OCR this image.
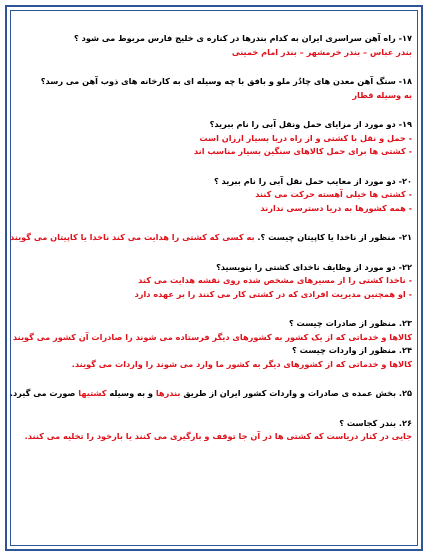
۱۷- راه آهن سراسری ایران به کدام بندرها در کناره ی خلیج فارس مربوط می شود ؟

بندر عباس – بندر خرمشهر – بندر امام خمینی

۱۸- سنگ آهن معدن های چادُر ملو و بافق با چه وسیله ای به کارخانه های ذوب آهن می رسد؟

به وسیله قطار

۱۹- دو مورد از مزایای حمل ونقل آبی را نام ببرید؟

- حمل و نقل با کشتی و از راه دریا بسیار ارزان است

- کشتی ها برای حمل کالاهای سنگین بسیار مناسب اند

۲۰- دو مورد از معایب حمل نقل آبی را نام ببرید ؟

- کشتی ها خیلی آهسته حرکت می کنند

- همه کشورها به دریا دسترسی ندارند

۲۱- منظور از ناخدا یا کاپیتان چیست ؟. به کسی که کشتی را هدایت می کند ناخدا یا کاپیتان می گویند

۲۲- دو مورد از وظایف ناخدای کشتی را بنویسید؟

- ناخدا کشتی را از مسیرهای مشخص شده روی نقشه هدایت می کند

- او همچنین مدیریت افرادی که در کشتی کار می کنند را بر عهده دارد

۲۳. منظور از صادرات چیست ؟

کالاها و خدماتی که از یک کشور به کشورهای دیگر فرستاده می شوند را صادرات آن کشور می گویند

۲۴. منظور از واردات چیست ؟

کالاها و خدماتی که از کشورهای دیگر به کشور ما وارد می شوند را واردات می گویند.

۲۵. بخش عمده ی صادرات و واردات کشور ایران از طریق بندرها و به وسیله کشتیها صورت می گیرد.

۲۶. بندر کجاست ؟

جایی در کنار دریاست که کشتی ها در آن جا توقف و بارگیری می کنند یا بارخود را تخلیه می کنند.
